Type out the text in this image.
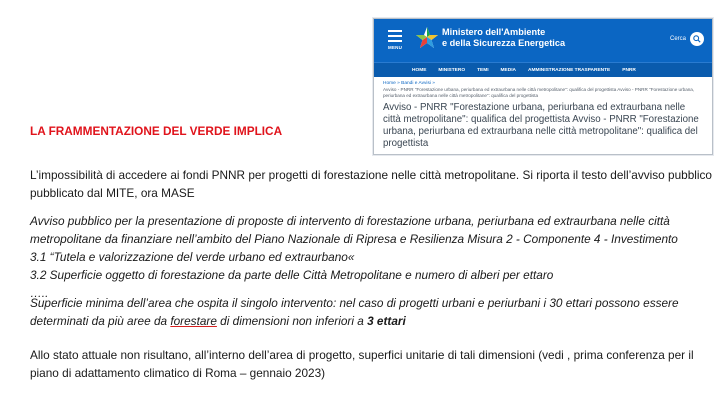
MENU
Ministero dell'Ambiente
e della Sicurezza Energetica	Cerca
HOME	MINISTERO	TEMI	MEDIA	AMMINISTRAZIONE TRASPARENTE	PNRR
Home » Bandi e Avvisi »
Avviso - PNRR "Forestazione urbana, periurbana ed extraurbana nelle città metropolitane": qualifica del progettista Avviso - PNRR "Forestazione urbana,
periurbana ed extraurbana nelle città metropolitane": qualifica del progettista
Avviso - PNRR "Forestazione urbana, periurbana ed extraurbana nelle città metropolitane": qualifica del progettista Avviso - PNRR "Forestazione urbana, periurbana ed extraurbana nelle città metropolitane": qualifica del progettista
LA FRAMMENTAZIONE DEL VERDE IMPLICA
L’impossibilità di accedere ai fondi PNNR per progetti di forestazione nelle città metropolitane. Si riporta il testo dell’avviso pubblico pubblicato dal MITE, ora MASE
Avviso pubblico per la presentazione di proposte di intervento di forestazione urbana, periurbana ed extraurbana nelle città
metropolitane da finanziare nell’ambito del Piano Nazionale di Ripresa e Resilienza Misura 2 - Componente 4 - Investimento
3.1 “Tutela e valorizzazione del verde urbano ed extraurbano«
3.2 Superficie oggetto di forestazione da parte delle Città Metropolitane e numero di alberi per ettaro
…..
Superficie minima dell’area che ospita il singolo intervento: nel caso di progetti urbani e periurbani i 30 ettari possono essere
determinati da più aree da forestare di dimensioni non inferiori a 3 ettari
Allo stato attuale non risultano, all’interno dell’area di progetto, superfici unitarie di tali dimensioni (vedi , prima conferenza per il piano di adattamento climatico di Roma – gennaio 2023)
